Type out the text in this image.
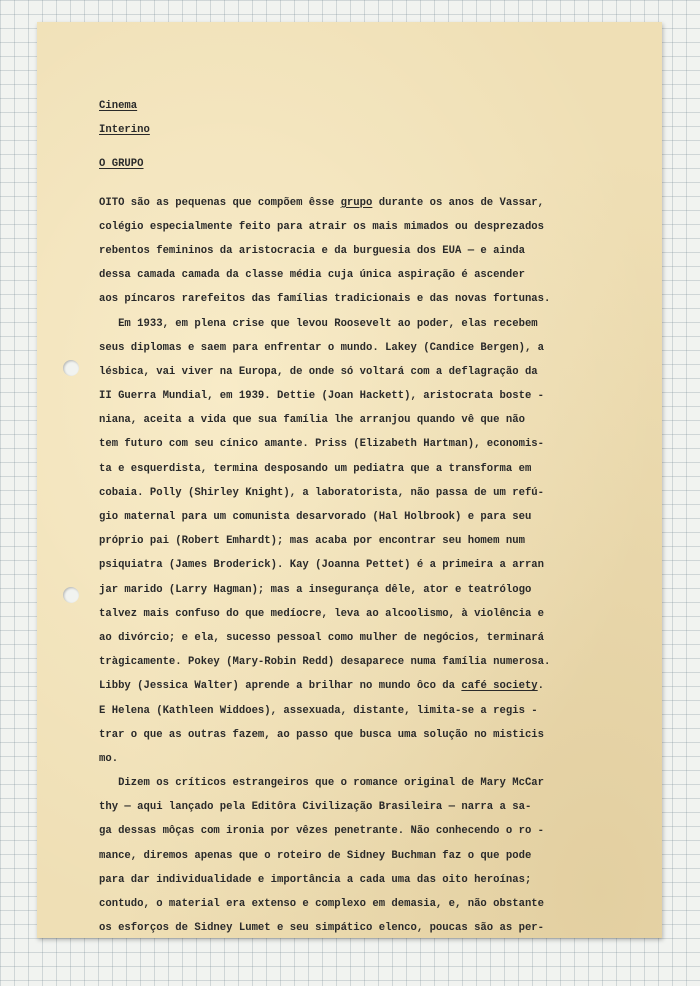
Cinema
Interino
O GRUPO
OITO são as pequenas que compõem êsse grupo durante os anos de Vassar,
colégio especialmente feito para atrair os mais mimados ou desprezados
rebentos femininos da aristocracia e da burguesia dos EUA — e ainda
dessa camada camada da classe média cuja única aspiração é ascender
aos píncaros rarefeitos das famílias tradicionais e das novas fortunas.
Em 1933, em plena crise que levou Roosevelt ao poder, elas recebem
seus diplomas e saem para enfrentar o mundo. Lakey (Candice Bergen), a
lésbica, vai viver na Europa, de onde só voltará com a deflagração da
II Guerra Mundial, em 1939. Dettie (Joan Hackett), aristocrata boste -
niana, aceita a vida que sua família lhe arranjou quando vê que não
tem futuro com seu cínico amante. Priss (Elizabeth Hartman), economis-
ta e esquerdista, termina desposando um pediatra que a transforma em
cobaia. Polly (Shirley Knight), a laboratorista, não passa de um refú-
gio maternal para um comunista desarvorado (Hal Holbrook) e para seu
próprio pai (Robert Emhardt); mas acaba por encontrar seu homem num
psiquiatra (James Broderick). Kay (Joanna Pettet) é a primeira a arran
jar marido (Larry Hagman); mas a insegurança dêle, ator e teatrólogo
talvez mais confuso do que medíocre, leva ao alcoolismo, à violência e
ao divórcio; e ela, sucesso pessoal como mulher de negócios, terminará
tràgicamente. Pokey (Mary-Robin Redd) desaparece numa família numerosa.
Libby (Jessica Walter) aprende a brilhar no mundo ôco da café society.
E Helena (Kathleen Widdoes), assexuada, distante, limita-se a regis -
trar o que as outras fazem, ao passo que busca uma solução no misticis
mo.
Dizem os críticos estrangeiros que o romance original de Mary McCar
thy — aqui lançado pela Editôra Civilização Brasileira — narra a sa-
ga dessas môças com ironia por vêzes penetrante. Não conhecendo o ro -
mance, diremos apenas que o roteiro de Sidney Buchman faz o que pode
para dar individualidade e importância a cada uma das oito heroínas;
contudo, o material era extenso e complexo em demasia, e, não obstante
os esforços de Sidney Lumet e seu simpático elenco, poucas são as per-
